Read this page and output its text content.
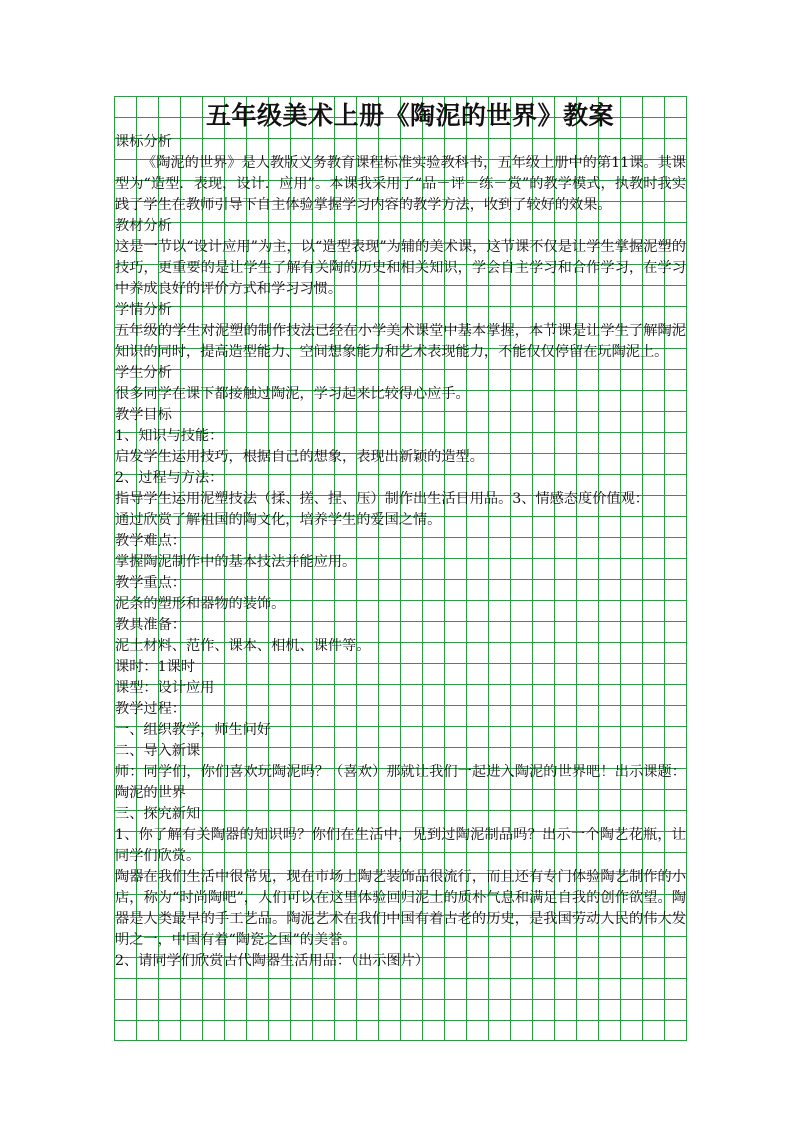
五年级美术上册《陶泥的世界》教案
课标分析
《陶泥的世界》是人教版义务教育课程标准实验教科书，五年级上册中的第11课。其课型为“造型．表现，设计．应用”。本课我采用了“品－评－练－赏”的教学模式，执教时我实践了学生在教师引导下自主体验掌握学习内容的教学方法，收到了较好的效果。
教材分析
这是一节以“设计应用”为主，以“造型表现”为辅的美术课，这节课不仅是让学生掌握泥塑的技巧，更重要的是让学生了解有关陶的历史和相关知识，学会自主学习和合作学习，在学习中养成良好的评价方式和学习习惯。
学情分析
五年级的学生对泥塑的制作技法已经在小学美术课堂中基本掌握，本节课是让学生了解陶泥知识的同时，提高造型能力、空间想象能力和艺术表现能力，不能仅仅停留在玩陶泥上。
学生分析
很多同学在课下都接触过陶泥，学习起来比较得心应手。
教学目标
1、知识与技能：
启发学生运用技巧，根据自己的想象，表现出新颖的造型。
2、过程与方法：
指导学生运用泥塑技法（揉、搓、捏、压）制作出生活日用品。3、情感态度价值观：
通过欣赏了解祖国的陶文化，培养学生的爱国之情。
教学难点：
掌握陶泥制作中的基本技法并能应用。
教学重点：
泥条的塑形和器物的装饰。
教具准备：
泥土材料、范作、课本、相机、课件等。
课时：1课时
课型：设计应用
教学过程：
一、组织教学，师生问好
二、导入新课
师：同学们，你们喜欢玩陶泥吗？（喜欢）那就让我们一起进入陶泥的世界吧！出示课题：陶泥的世界
三、探究新知
1、你了解有关陶器的知识吗？你们在生活中，见到过陶泥制品吗？出示一个陶艺花瓶，让同学们欣赏。
陶器在我们生活中很常见，现在市场上陶艺装饰品很流行，而且还有专门体验陶艺制作的小店，称为“时尚陶吧”，人们可以在这里体验回归泥土的质朴气息和满足自我的创作欲望。陶器是人类最早的手工艺品。陶泥艺术在我们中国有着古老的历史，是我国劳动人民的伟大发明之一，中国有着“陶瓷之国”的美誉。
2、请同学们欣赏古代陶器生活用品：（出示图片）
